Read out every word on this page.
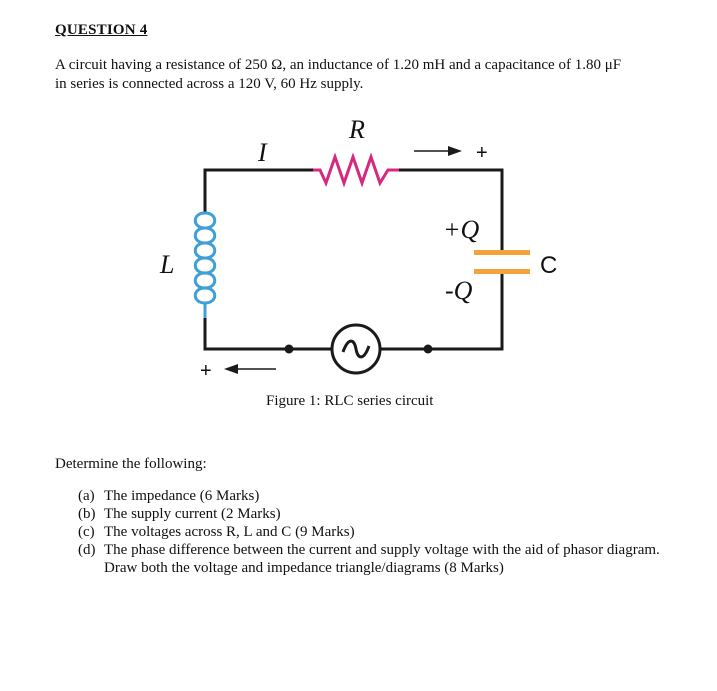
QUESTION 4
A circuit having a resistance of 250 Ω, an inductance of 1.20 mH and a capacitance of 1.80 μF
in series is connected across a 120 V, 60 Hz supply.
R
I
L	C
+Q
-Q
+
+
Figure 1: RLC series circuit
Determine the following:
(a) The impedance (6 Marks)
(b) The supply current (2 Marks)
(c) The voltages across R, L and C (9 Marks)
(d) The phase difference between the current and supply voltage with the aid of phasor diagram. Draw both the voltage and impedance triangle/diagrams (8 Marks)
